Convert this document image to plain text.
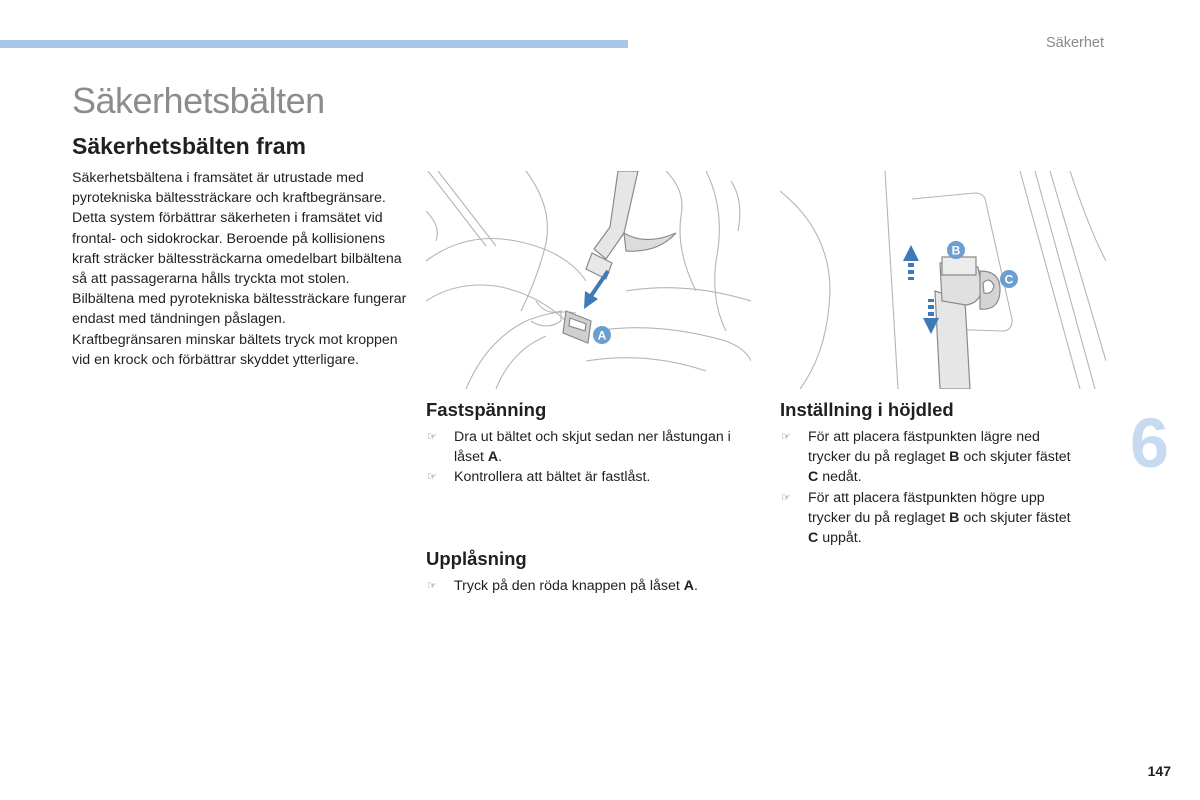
Säkerhet
Säkerhetsbälten
Säkerhetsbälten fram

Säkerhetsbältena i framsätet är utrustade med pyrotekniska bältessträckare och kraftbegränsare.

Detta system förbättrar säkerheten i framsätet vid frontal- och sidokrockar. Beroende på kollisionens kraft sträcker bältessträckarna omedelbart bilbältena så att passagerarna hålls tryckta mot stolen.

Bilbältena med pyrotekniska bältessträckare fungerar endast med tändningen påslagen.

Kraftbegränsaren minskar bältets tryck mot kroppen vid en krock och förbättrar skyddet ytterligare.

A
B
C
Fastspänning
☞ Dra ut bältet och skjut sedan ner låstungan i låset A.
☞ Kontrollera att bältet är fastlåst.
Upplåsning
☞ Tryck på den röda knappen på låset A.
Inställning i höjdled
☞ För att placera fästpunkten lägre ned trycker du på reglaget B och skjuter fästet C nedåt.
☞ För att placera fästpunkten högre upp trycker du på reglaget B och skjuter fästet C uppåt.
6
147
